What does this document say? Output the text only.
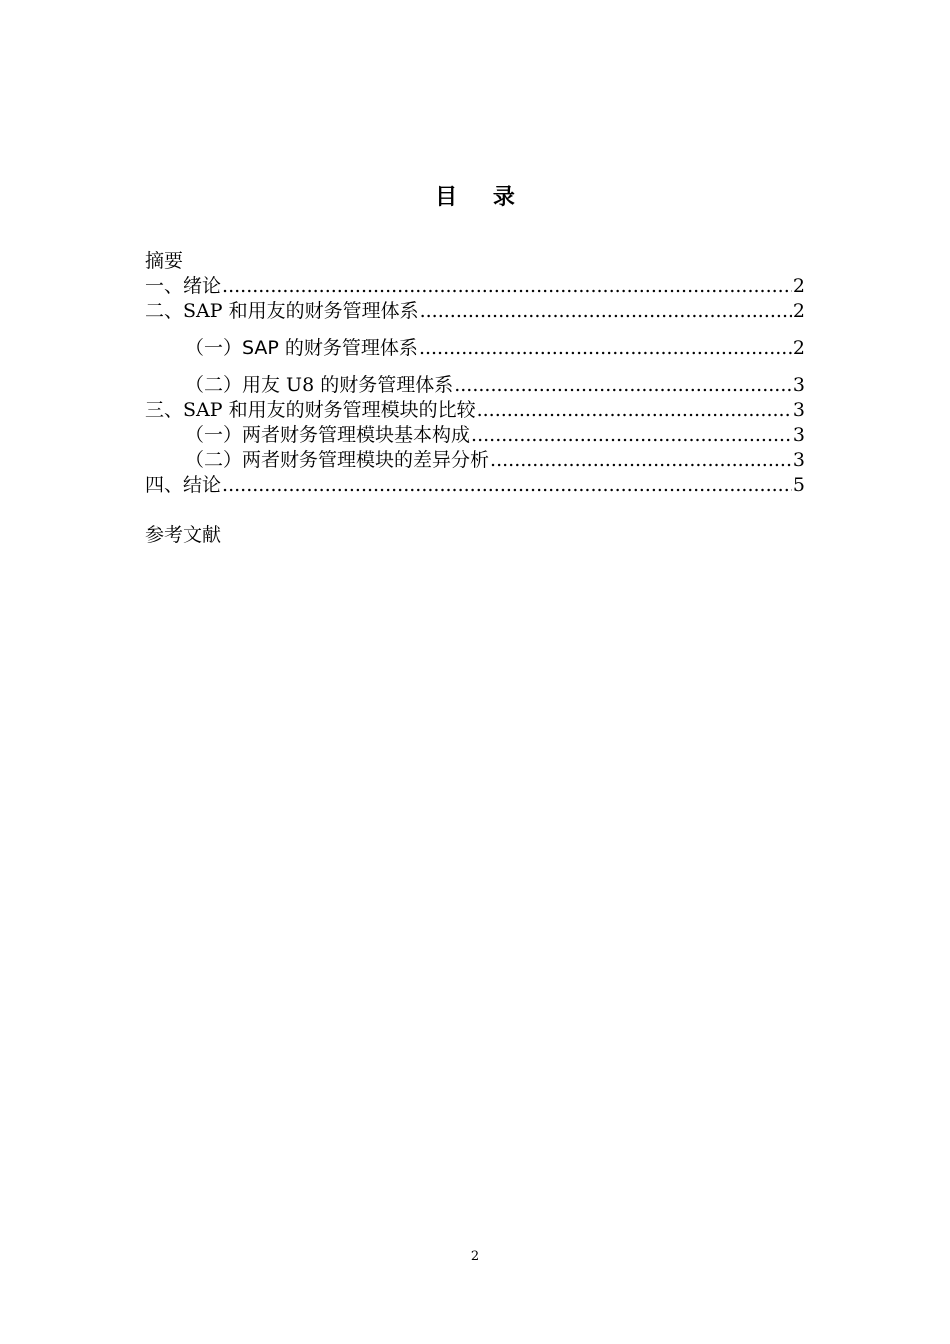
目 录
摘要
一、 绪论 .....	2
二、 SAP 和用友的财务管理体系 .....	2
（一） SAP 的财务管理体系 .....	2
（二） 用友 U8 的财务管理体系 .....	3
三、 SAP 和用友的财务管理模块的比较 .....	3
（一） 两者财务管理模块基本构成 .....	3
（二） 两者财务管理模块的差异分析 .....	3
四、 结论 .....	5
参考文献
2
